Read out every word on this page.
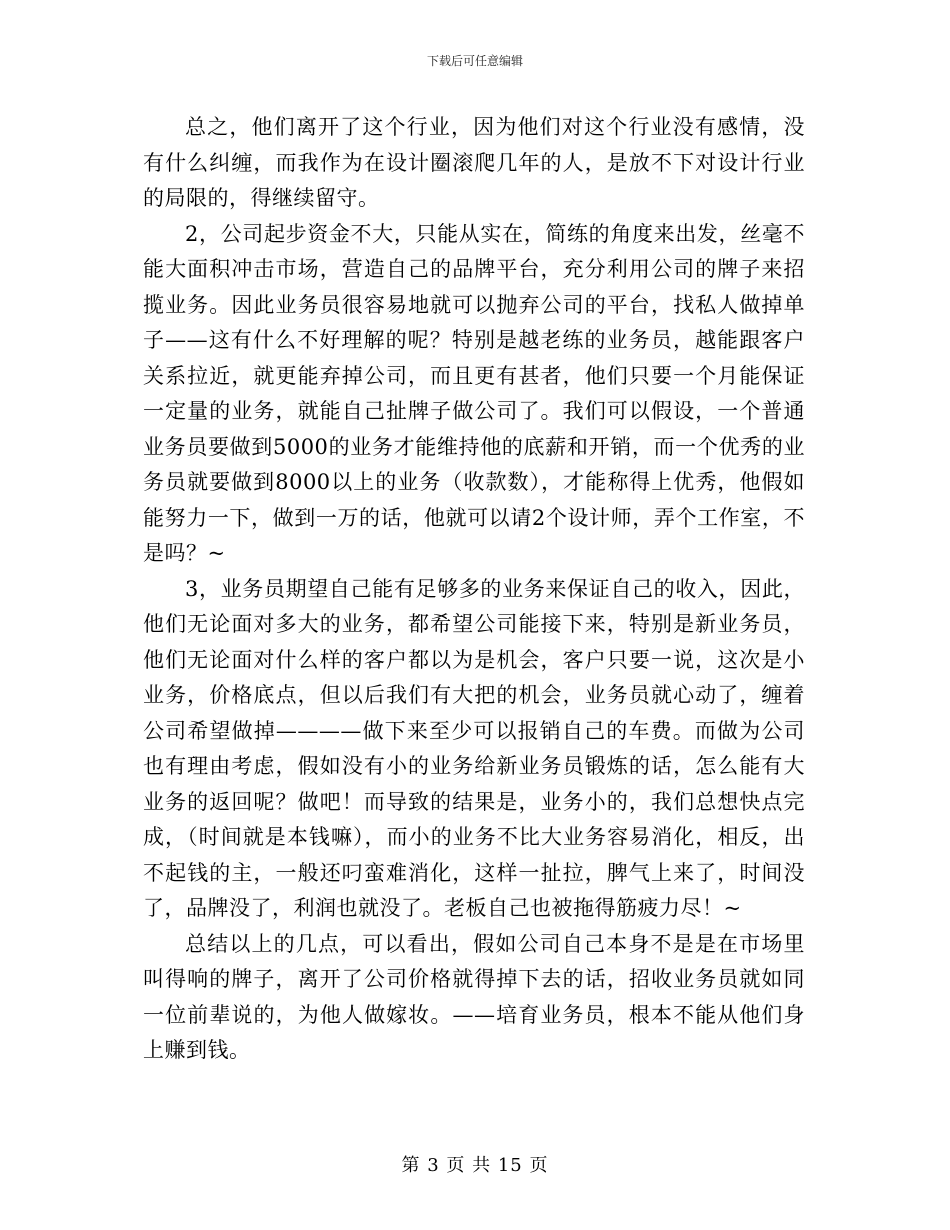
下载后可任意编辑

总之，他们离开了这个行业，因为他们对这个行业没有感情，没有什么纠缠，而我作为在设计圈滚爬几年的人，是放不下对设计行业的局限的，得继续留守。

2，公司起步资金不大，只能从实在，简练的角度来出发，丝毫不能大面积冲击市场，营造自己的品牌平台，充分利用公司的牌子来招揽业务。因此业务员很容易地就可以抛弃公司的平台，找私人做掉单子——这有什么不好理解的呢？特别是越老练的业务员，越能跟客户关系拉近，就更能弃掉公司，而且更有甚者，他们只要一个月能保证一定量的业务，就能自己扯牌子做公司了。我们可以假设，一个普通业务员要做到5000的业务才能维持他的底薪和开销，而一个优秀的业务员就要做到8000以上的业务（收款数），才能称得上优秀，他假如能努力一下，做到一万的话，他就可以请2个设计师，弄个工作室，不是吗？~

3，业务员期望自己能有足够多的业务来保证自己的收入，因此，他们无论面对多大的业务，都希望公司能接下来，特别是新业务员，他们无论面对什么样的客户都以为是机会，客户只要一说，这次是小业务，价格底点，但以后我们有大把的机会，业务员就心动了，缠着公司希望做掉————做下来至少可以报销自己的车费。而做为公司也有理由考虑，假如没有小的业务给新业务员锻炼的话，怎么能有大业务的返回呢？做吧！而导致的结果是，业务小的，我们总想快点完成，（时间就是本钱嘛），而小的业务不比大业务容易消化，相反，出不起钱的主，一般还叼蛮难消化，这样一扯拉，脾气上来了，时间没了，品牌没了，利润也就没了。老板自己也被拖得筋疲力尽！~

总结以上的几点，可以看出，假如公司自己本身不是是在市场里叫得响的牌子，离开了公司价格就得掉下去的话，招收业务员就如同一位前辈说的，为他人做嫁妆。——培育业务员，根本不能从他们身上赚到钱。

第 3 页 共 15 页
